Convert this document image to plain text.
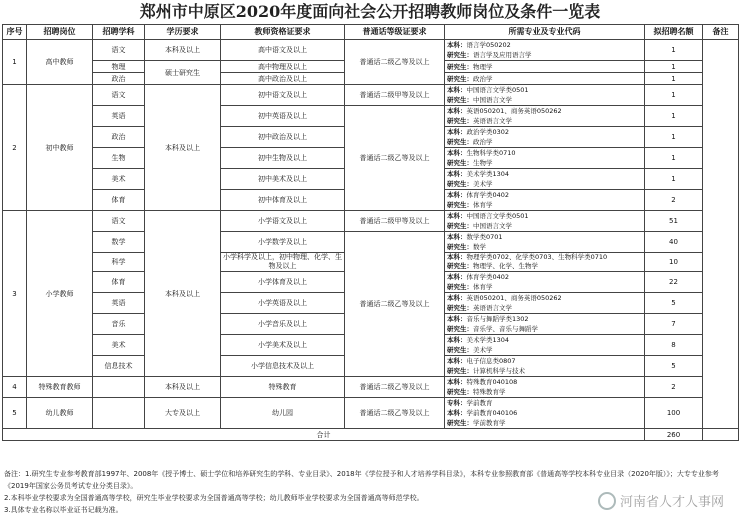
郑州市中原区2020年度面向社会公开招聘教师岗位及条件一览表
序号	招聘岗位	招聘学科	学历要求	教师资格证要求	普通话等级证要求	所需专业及专业代码	拟招聘名额	备注
1	高中教师	语文	本科及以上	高中语文及以上	普通话二级乙等及以上	本科：语言学050202
研究生：语言学及应用语言学	1	
		物理	硕士研究生	高中物理及以上		研究生：物理学	1	
		政治		高中政治及以上		研究生：政治学	1	
2	初中教师	语文	本科及以上	初中语文及以上	普通话二级甲等及以上	本科：中国语言文学类0501
研究生：中国语言文学	1	
		英语		初中英语及以上	普通话二级乙等及以上	本科：英语050201、商务英语050262
研究生：英语语言文学	1	
		政治		初中政治及以上		本科：政治学类0302
研究生：政治学	1	
		生物		初中生物及以上		本科：生物科学类0710
研究生：生物学	1	
		美术		初中美术及以上		本科：美术学类1304
研究生：美术学	1	
		体育		初中体育及以上		本科：体育学类0402
研究生：体育学	2	
3	小学教师	语文	本科及以上	小学语文及以上	普通话二级甲等及以上	本科：中国语言文学类0501
研究生：中国语言文学	51	
		数学		小学数学及以上	普通话二级乙等及以上	本科：数学类0701
研究生：数学	40	
		科学		小学科学及以上，初中物理、化学、生物及以上		本科：物理学类0702、化学类0703、生物科学类0710
研究生：物理学、化学、生物学	10	
		体育		小学体育及以上		本科：体育学类0402
研究生：体育学	22	
		英语		小学英语及以上		本科：英语050201、商务英语050262
研究生：英语语言文学	5	
		音乐		小学音乐及以上		本科：音乐与舞蹈学类1302
研究生：音乐学、音乐与舞蹈学	7	
		美术		小学美术及以上		本科：美术学类1304
研究生：美术学	8	
		信息技术		小学信息技术及以上		本科：电子信息类0807
研究生：计算机科学与技术	5	
4	特殊教育教师		本科及以上	特殊教育	普通话二级乙等及以上	本科：特殊教育040108
研究生：特殊教育学	2	
5	幼儿教师		大专及以上	幼儿园	普通话二级乙等及以上	专科：学前教育
本科：学前教育040106
研究生：学前教育学	100	
合计							260	
备注：1.研究生专业参考教育部1997年、2008年《授予博士、硕士学位和培养研究生的学科、专业目录》、2018年《学位授予和人才培养学科目录》，本科专业参照教育部《普通高等学校本科专业目录（2020年版）》；大专专业参考《2019年国家公务员考试专业分类目录》。
2.本科毕业学校要求为全国普通高等学校，研究生毕业学校要求为全国普通高等学校；幼儿教师毕业学校要求为全国普通高等师范学校。
3.具体专业名称以毕业证书记载为准。	河南省人才人事网
